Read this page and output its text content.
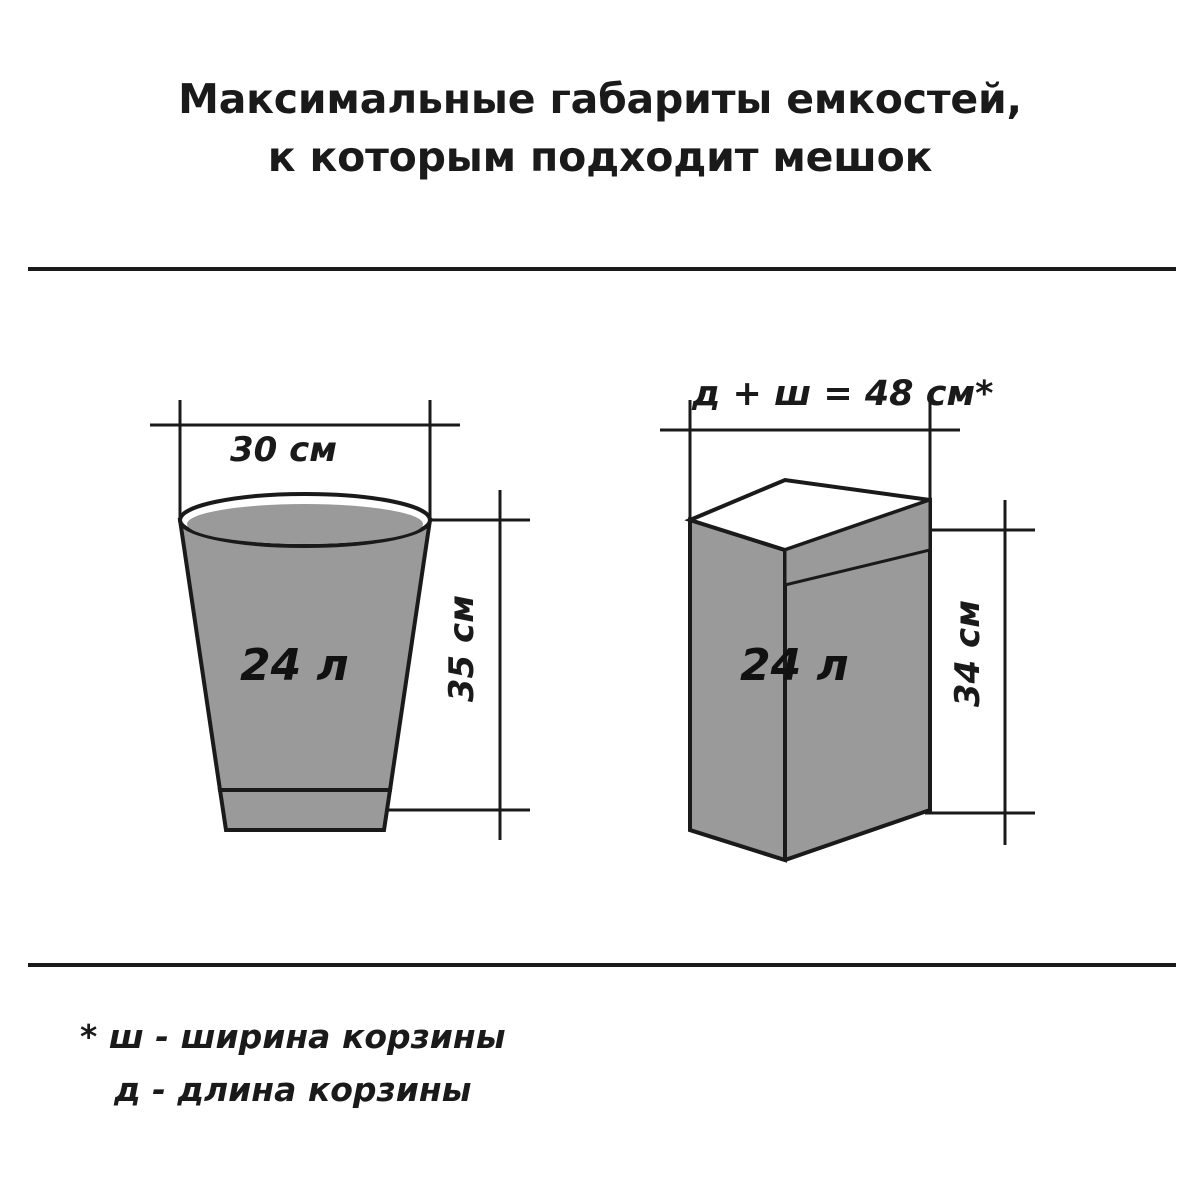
Максимальные габариты емкостей,
к которым подходит мешок
30 см
35 см
24 л
д + ш = 48 см*
34 см
24 л
* ш - ширина корзины
д - длина корзины
